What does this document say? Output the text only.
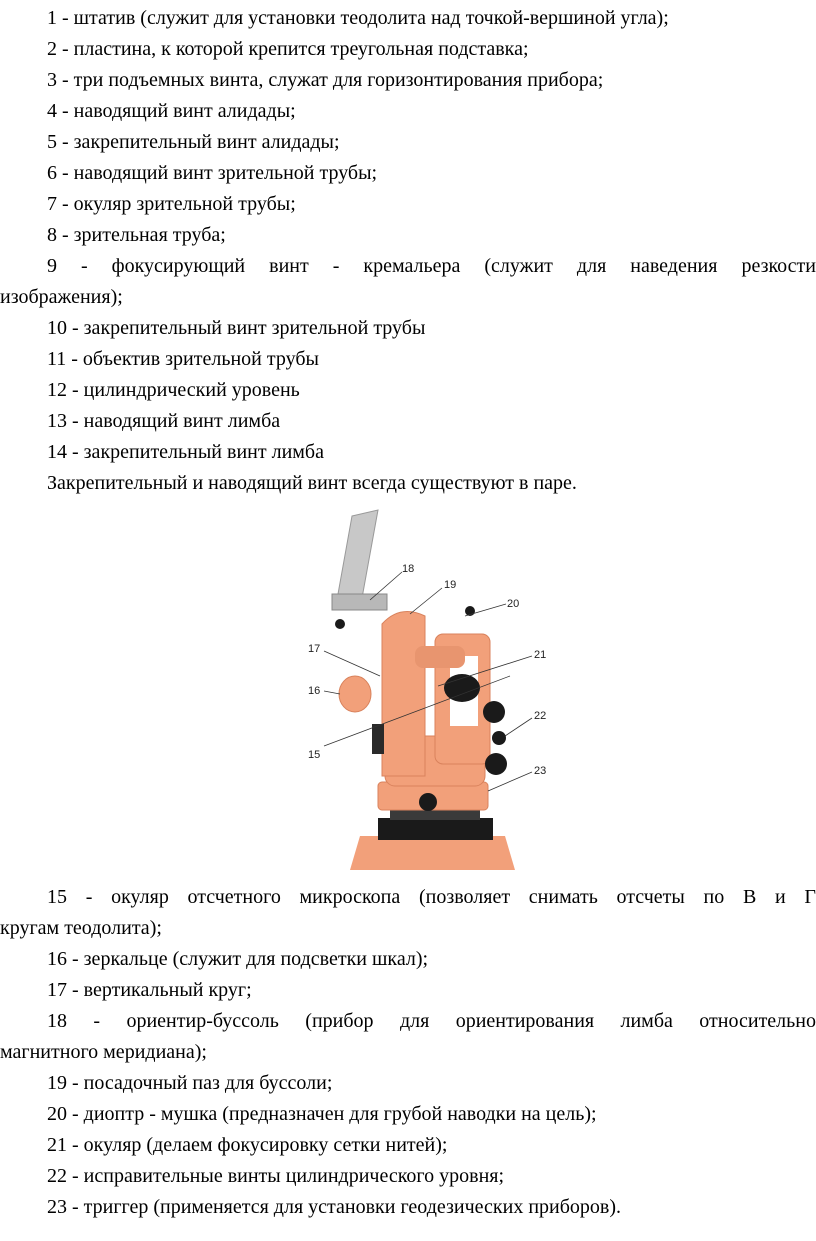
1 - штатив (служит для установки теодолита над точкой-вершиной угла);
2 - пластина, к которой крепится треугольная подставка;
3 - три подъемных винта, служат для горизонтирования прибора;
4 - наводящий винт алидады;
5 - закрепительный винт алидады;
6 - наводящий винт зрительной трубы;
7 - окуляр зрительной трубы;
8 - зрительная труба;
9 - фокусирующий винт - кремальера (служит для наведения резкости
изображения);
10 - закрепительный винт зрительной трубы
11 - объектив зрительной трубы
12 - цилиндрический уровень
13 - наводящий винт лимба
14 - закрепительный винт лимба
Закрепительный и наводящий винт всегда существуют в паре.
18
19
20
17	21
16
22
15
23
15 - окуляр отсчетного микроскопа (позволяет снимать отсчеты по В и Г
кругам теодолита);
16 - зеркальце (служит для подсветки шкал);
17 - вертикальный круг;
18 - ориентир-буссоль (прибор для ориентирования лимба относительно
магнитного меридиана);
19 - посадочный паз для буссоли;
20 - диоптр - мушка (предназначен для грубой наводки на цель);
21 - окуляр (делаем фокусировку сетки нитей);
22 - исправительные винты цилиндрического уровня;
23 - триггер (применяется для установки геодезических приборов).
